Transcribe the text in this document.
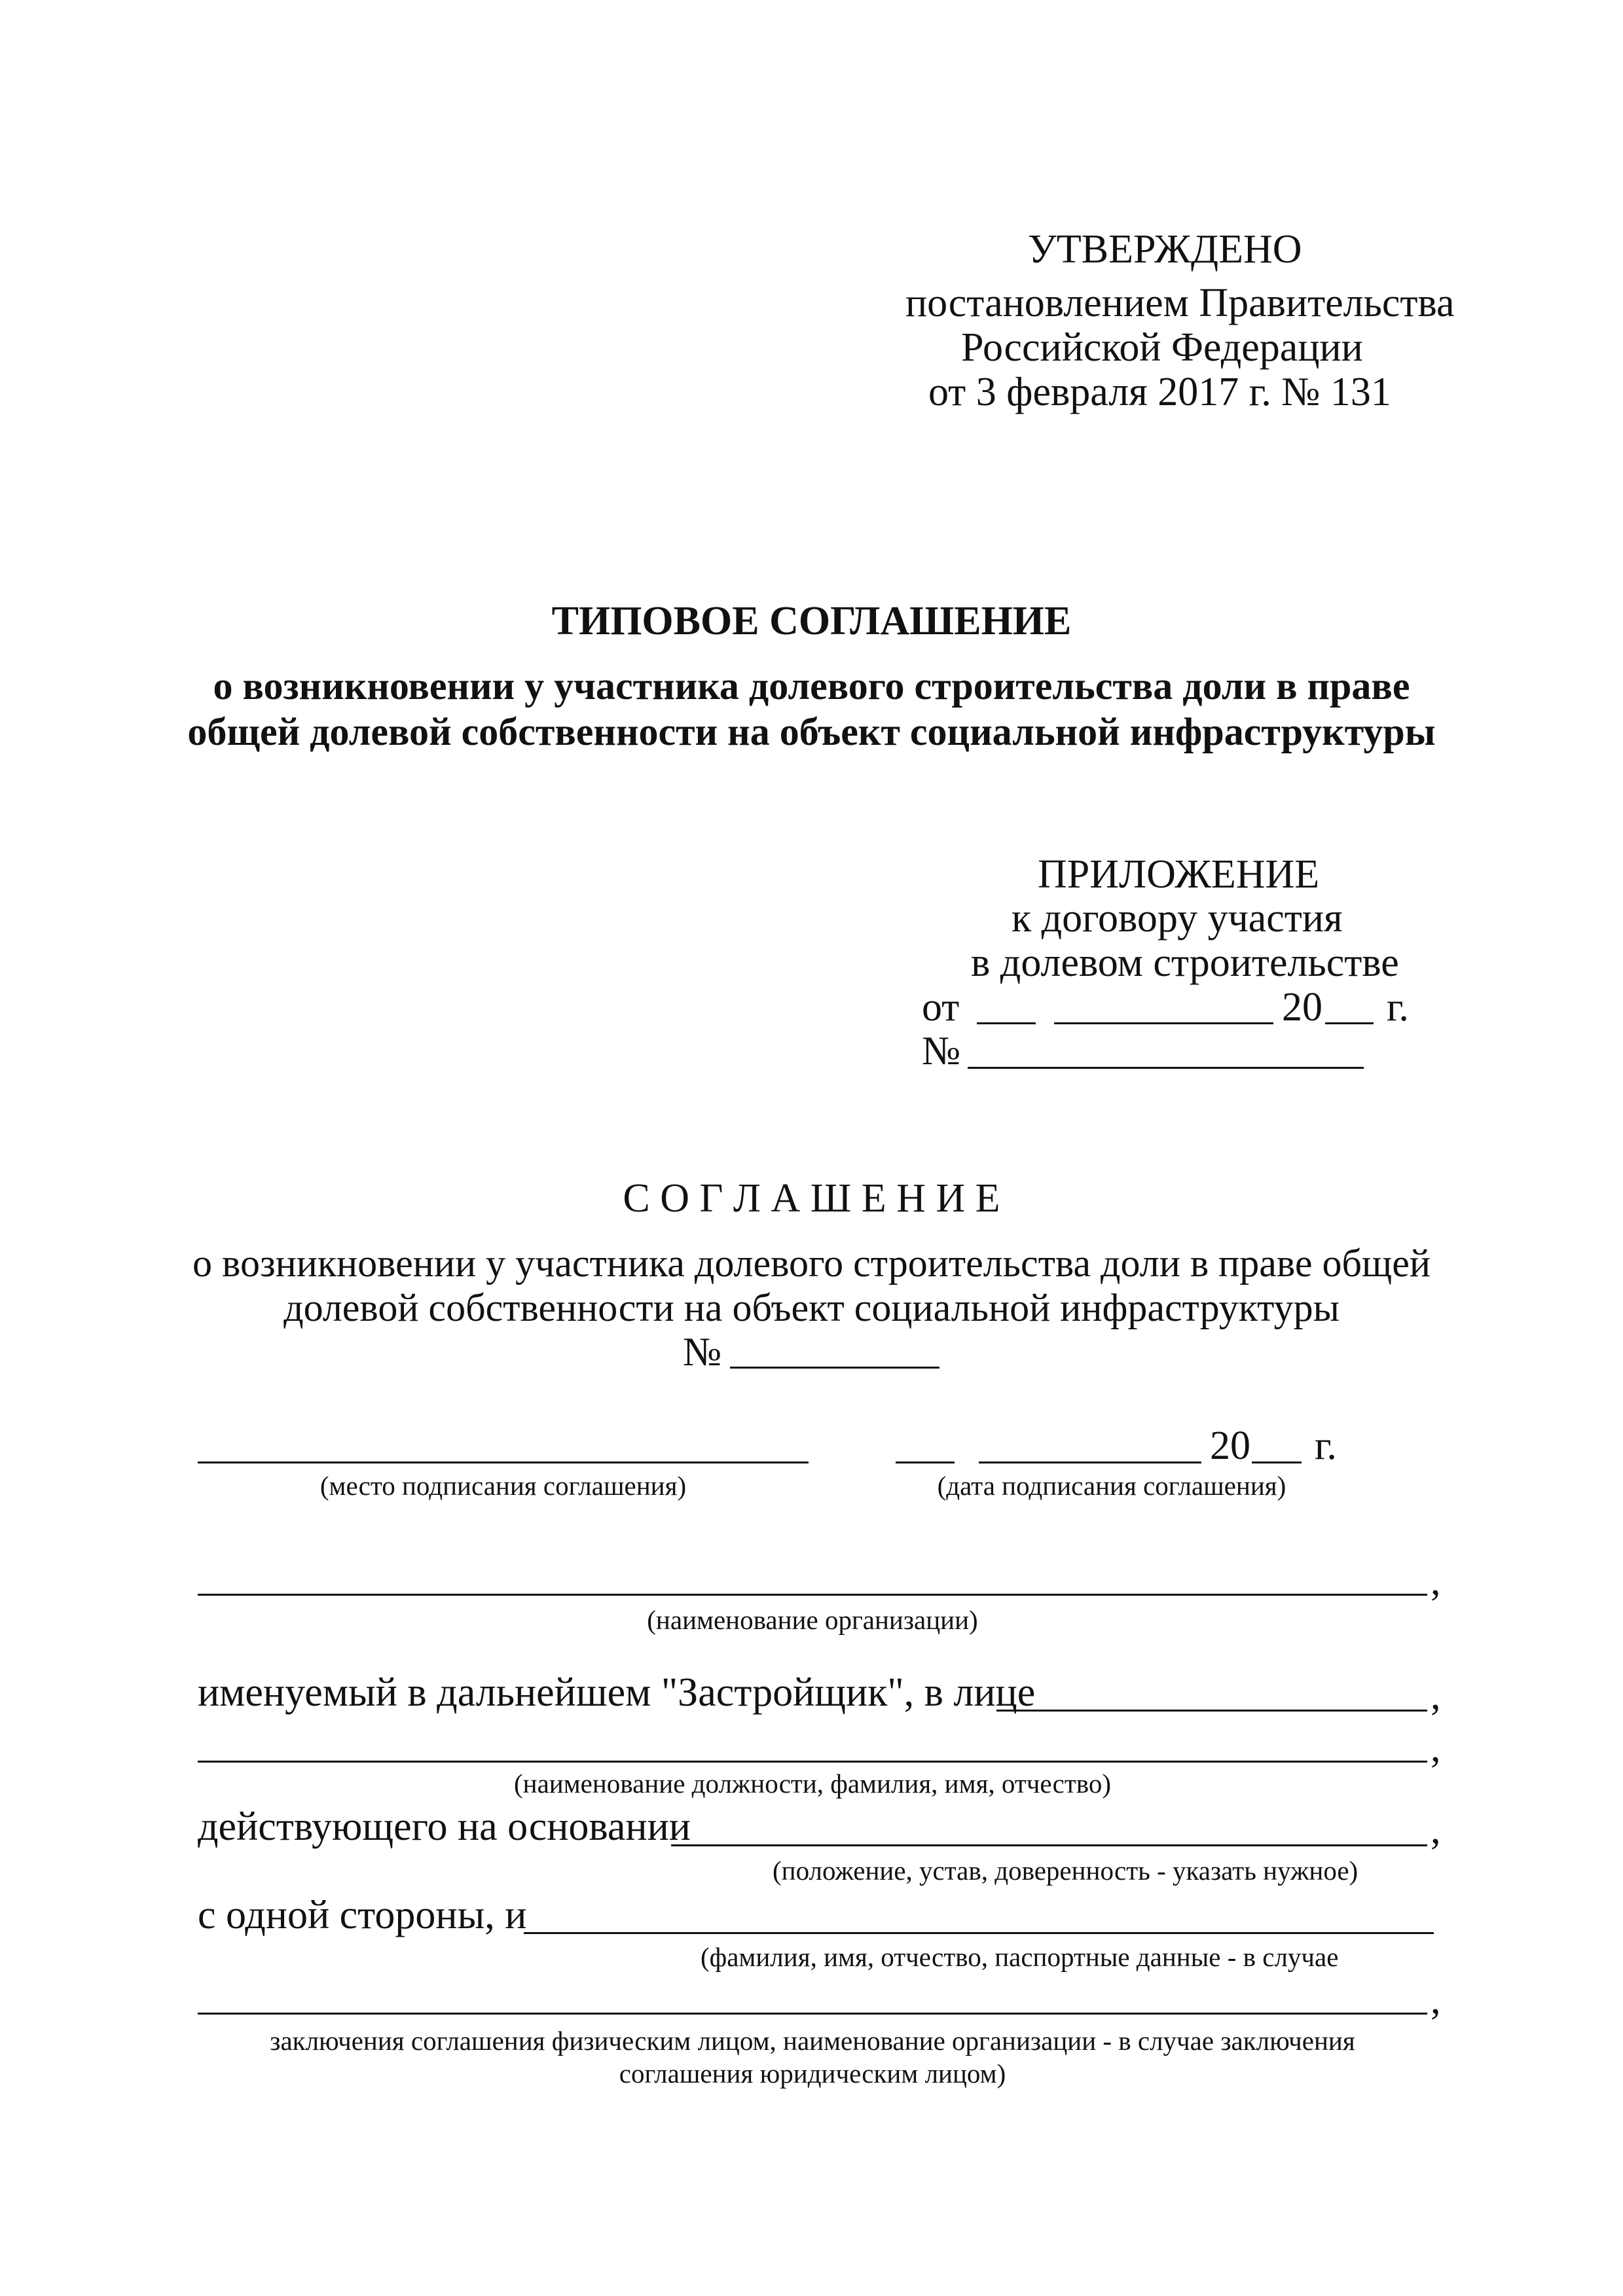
УТВЕРЖДЕНО
постановлением Правительства
Российской Федерации
от 3 февраля 2017 г. № 131
ТИПОВОЕ СОГЛАШЕНИЕ
о возникновении у участника долевого строительства доли в праве
общей долевой собственности на объект социальной инфраструктуры
ПРИЛОЖЕНИЕ
к договору участия
в долевом строительстве
от	20 г.
№
С О Г Л А Ш Е Н И Е
о возникновении у участника долевого строительства доли в праве общей
долевой собственности на объект социальной инфраструктуры
№
20 г.
(место подписания соглашения)	(дата подписания соглашения)
,
(наименование организации)
именуемый в дальнейшем "Застройщик", в лице	,
,
(наименование должности, фамилия, имя, отчество)
действующего на основании	,
(положение, устав, доверенность - указать нужное)
с одной стороны, и
(фамилия, имя, отчество, паспортные данные - в случае
,
заключения соглашения физическим лицом, наименование организации - в случае заключения
соглашения юридическим лицом)
